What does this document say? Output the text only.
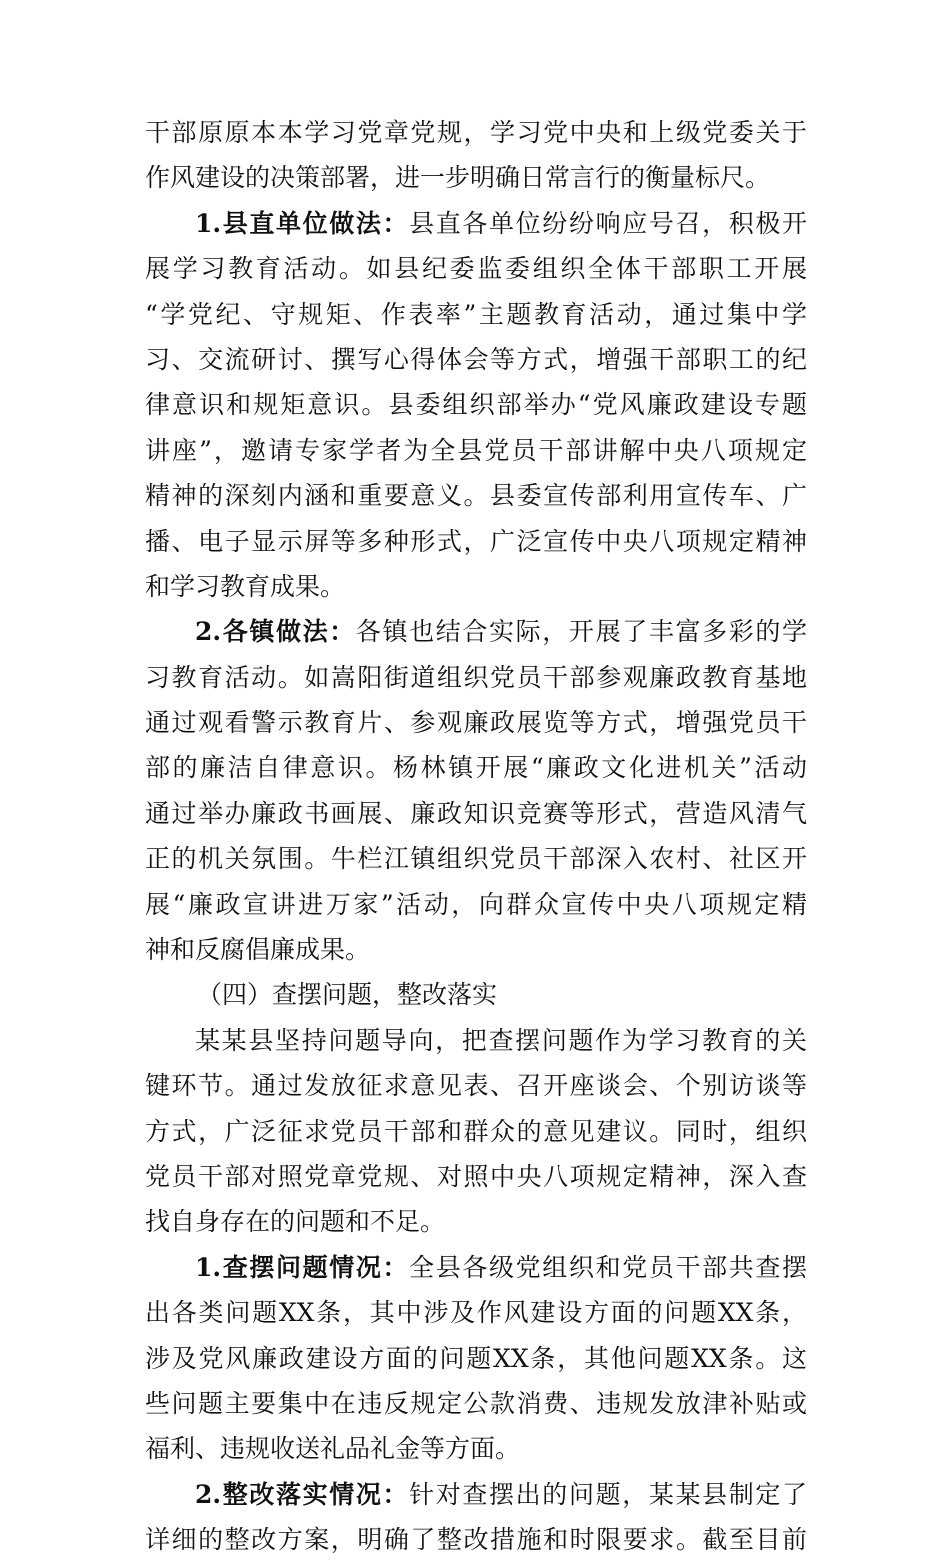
干部原原本本学习党章党规，学习党中央和上级党委关于
作风建设的决策部署，进一步明确日常言行的衡量标尺。
1.县直单位做法：县直各单位纷纷响应号召，积极开
展学习教育活动。如县纪委监委组织全体干部职工开展
“学党纪、守规矩、作表率”主题教育活动，通过集中学
习、交流研讨、撰写心得体会等方式，增强干部职工的纪
律意识和规矩意识。县委组织部举办“党风廉政建设专题
讲座”，邀请专家学者为全县党员干部讲解中央八项规定
精神的深刻内涵和重要意义。县委宣传部利用宣传车、广
播、电子显示屏等多种形式，广泛宣传中央八项规定精神
和学习教育成果。
2.各镇做法：各镇也结合实际，开展了丰富多彩的学
习教育活动。如嵩阳街道组织党员干部参观廉政教育基地
通过观看警示教育片、参观廉政展览等方式，增强党员干
部的廉洁自律意识。杨林镇开展“廉政文化进机关”活动
通过举办廉政书画展、廉政知识竞赛等形式，营造风清气
正的机关氛围。牛栏江镇组织党员干部深入农村、社区开
展“廉政宣讲进万家”活动，向群众宣传中央八项规定精
神和反腐倡廉成果。
（四）查摆问题，整改落实
某某县坚持问题导向，把查摆问题作为学习教育的关
键环节。通过发放征求意见表、召开座谈会、个别访谈等
方式，广泛征求党员干部和群众的意见建议。同时，组织
党员干部对照党章党规、对照中央八项规定精神，深入查
找自身存在的问题和不足。
1.查摆问题情况：全县各级党组织和党员干部共查摆
出各类问题XX条，其中涉及作风建设方面的问题XX条，
涉及党风廉政建设方面的问题XX条，其他问题XX条。这
些问题主要集中在违反规定公款消费、违规发放津补贴或
福利、违规收送礼品礼金等方面。
2.整改落实情况：针对查摆出的问题，某某县制定了
详细的整改方案，明确了整改措施和时限要求。截至目前
